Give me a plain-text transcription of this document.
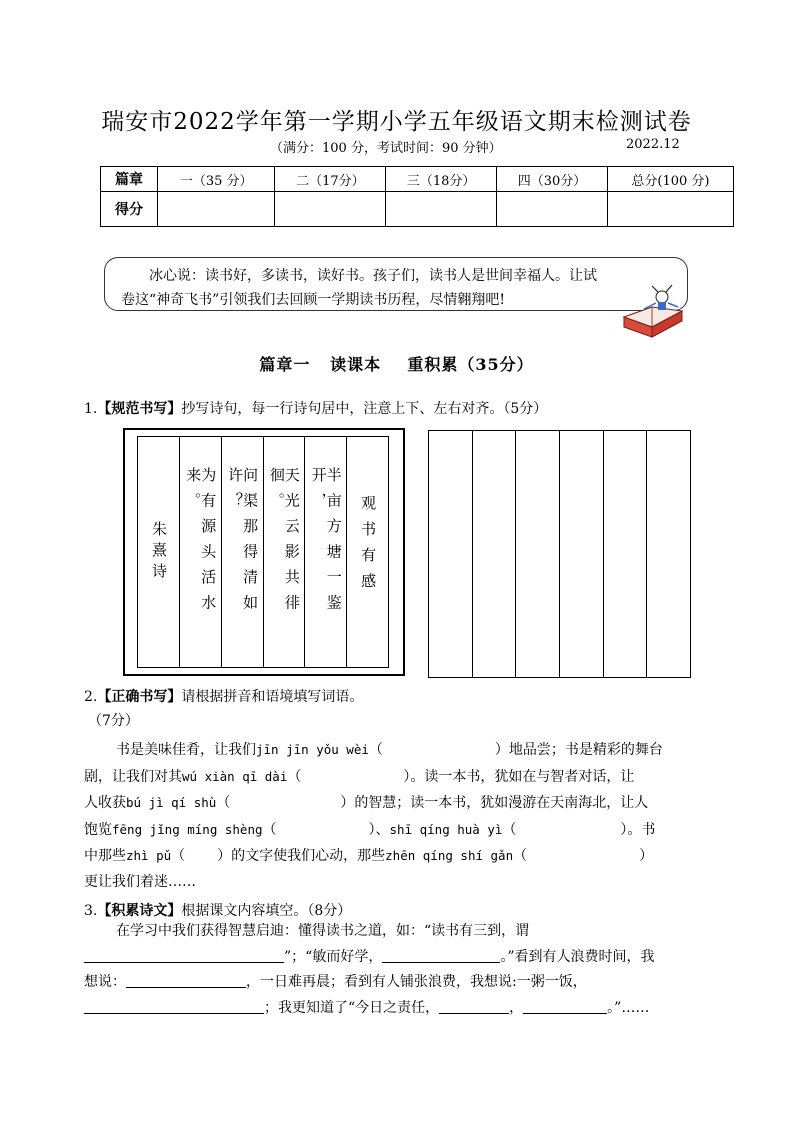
瑞安市2022学年第一学期小学五年级语文期末检测试卷
（满分：100 分，考试时间：90 分钟）	2022.12
篇章	一（35 分）	二（17分）	三（18分）	四（30分）	总分(100 分)
得分					

冰心说：读书好，多读书，读好书。孩子们，读书人是世间幸福人。让试

卷这“神奇飞书”引领我们去回顾一学期读书历程，尽情翱翔吧!

篇章一   读课本    重积累（35分）
1.【规范书写】抄写诗句，每一行诗句居中，注意上下、左右对齐。（5分）
观书有感
半亩方塘一鉴开，
天光云影共徘徊。
问渠那得清如许？
为有源头活水来。
朱熹诗
2.【正确书写】请根据拼音和语境填写词语。
（7分）
书是美味佳肴，让我们jīn jīn yǒu wèi（	）地品尝；书是精彩的舞台
剧，让我们对其wú xiàn qī dài（	）。读一本书，犹如在与智者对话，让
人收获bú jì qí shù（	）的智慧；读一本书，犹如漫游在天南海北，让人
饱览fēng jǐng míng shèng（	）、shī qíng huà yì（	）。书
中那些zhì pǔ（ ）的文字使我们心动，那些zhēn qíng shí gǎn（	）
更让我们着迷……
3.【积累诗文】根据课文内容填空。（8分）
在学习中我们获得智慧启迪：懂得读书之道，如：“读书有三到，谓
”；“敏而好学，	。”看到有人浪费时间，我
想说：	，一日难再晨；看到有人铺张浪费，我想说:一粥一饭，
；我更知道了“今日之责任，	，	。”……
